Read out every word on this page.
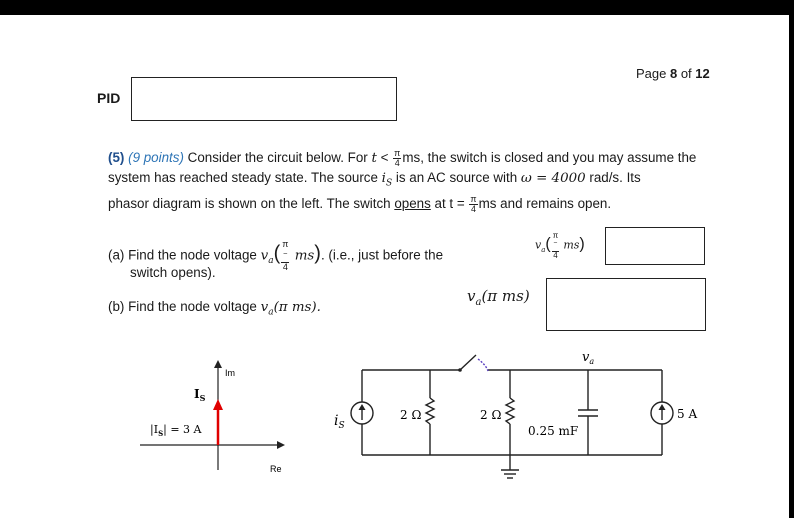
PID
Page 8 of 12
(5) (9 points) Consider the circuit below. For $t < \frac{\pi}{4}$ ms, the switch is closed and you may assume the
system has reached steady state. The source $i_S$ is an AC source with ω = 4000 rad/s. Its
phasor diagram is shown on the left. The switch opens at $t = \frac{\pi}{4}$ ms and remains open.
(a) Find the node voltage $v_a$( π
−
4 ms). (i.e., just before the
switch opens).
(b) Find the node voltage $v_a(\pi$ ms).
$v_a$( π
−
4 ms)
$v_a(\pi$ ms)
Im
Re
$I_S$
$|I_S| = 3$ A
$i_S$
2 Ω	2 Ω
0.25 mF
$v_a$
5 A
